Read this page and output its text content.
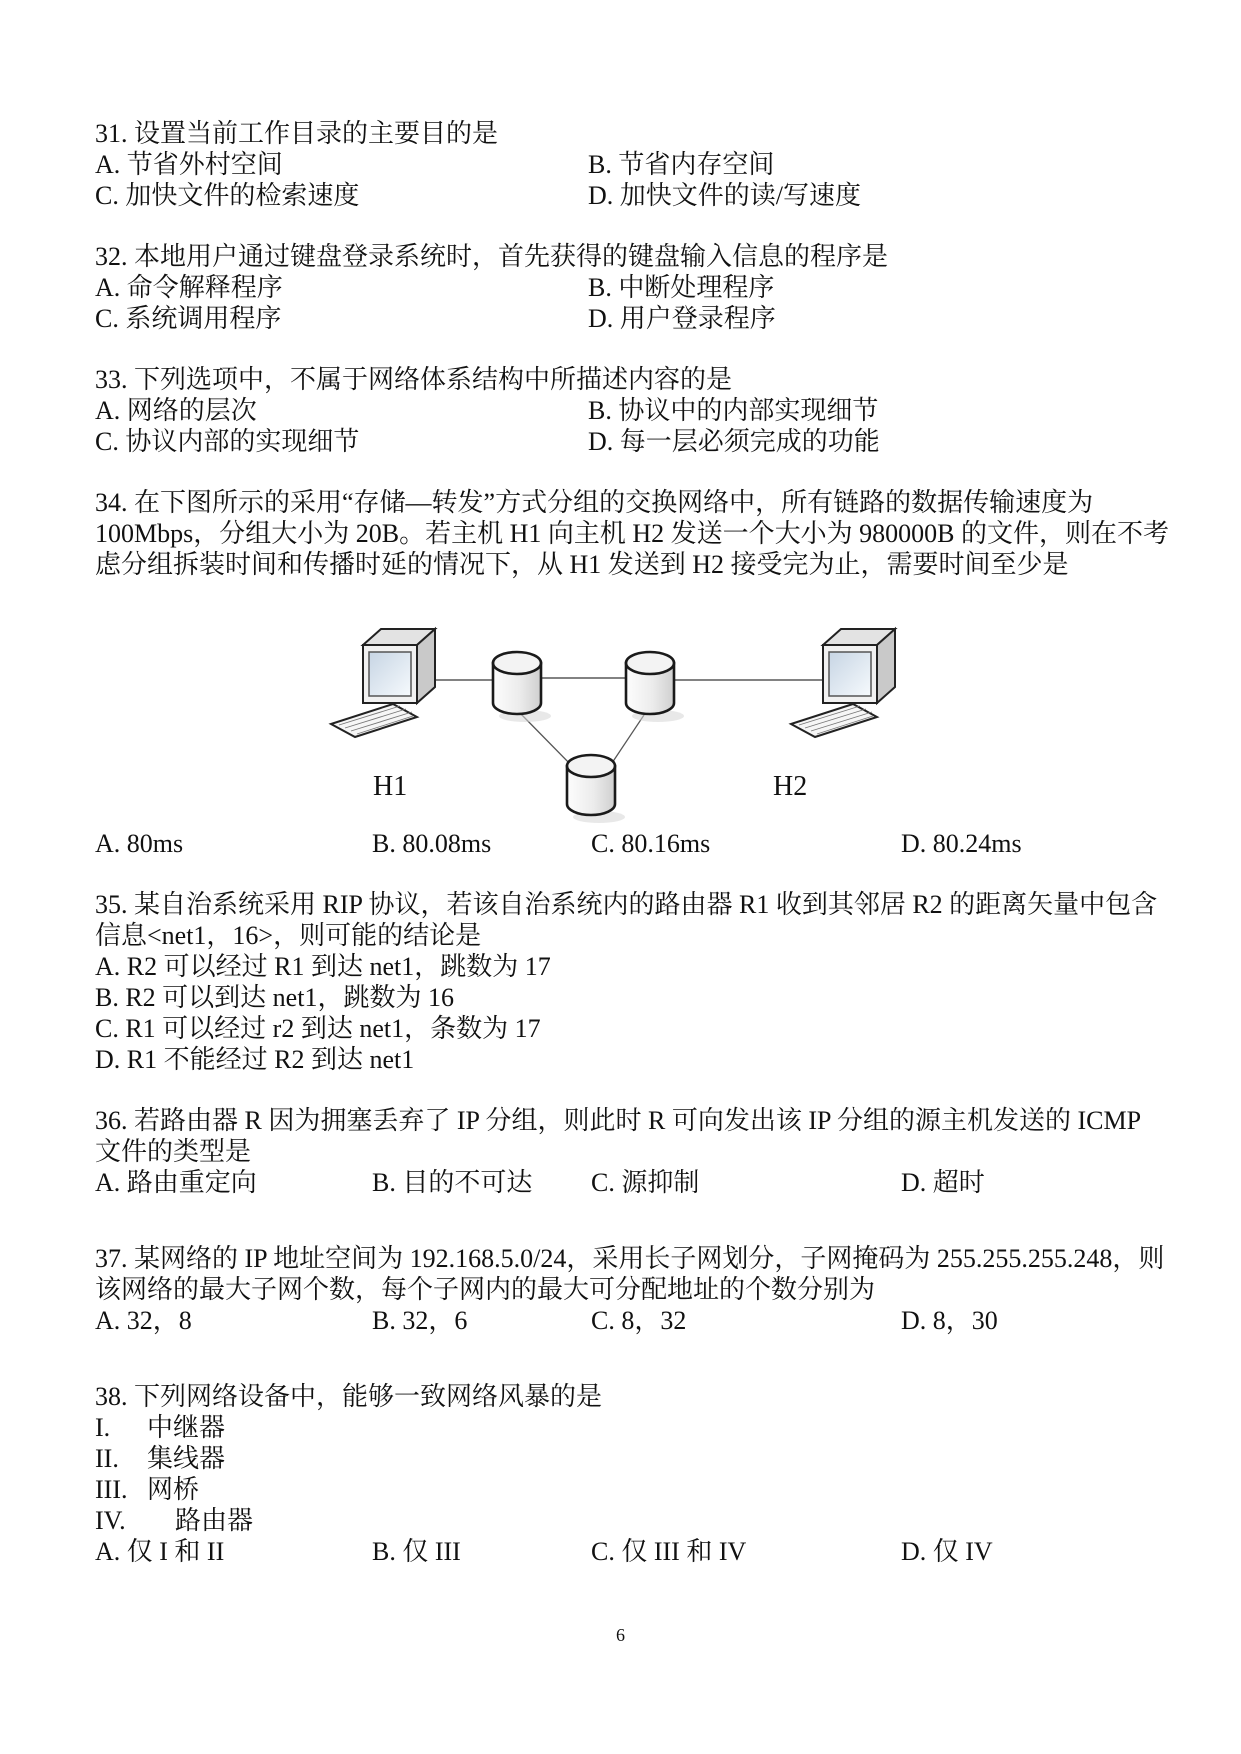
31. 设置当前工作目录的主要目的是
A. 节省外村空间	B. 节省内存空间
C. 加快文件的检索速度	D. 加快文件的读/写速度
32. 本地用户通过键盘登录系统时，首先获得的键盘输入信息的程序是
A. 命令解释程序	B. 中断处理程序
C. 系统调用程序	D. 用户登录程序
33. 下列选项中，不属于网络体系结构中所描述内容的是
A. 网络的层次	B. 协议中的内部实现细节
C. 协议内部的实现细节	D. 每一层必须完成的功能
34. 在下图所示的采用“存储—转发”方式分组的交换网络中，所有链路的数据传输速度为
100Mbps，分组大小为 20B。若主机 H1 向主机 H2 发送一个大小为 980000B 的文件，则在不考
虑分组拆装时间和传播时延的情况下，从 H1 发送到 H2 接受完为止，需要时间至少是
H1	H2
A. 80ms	B. 80.08ms	C. 80.16ms	D. 80.24ms
35. 某自治系统采用 RIP 协议，若该自治系统内的路由器 R1 收到其邻居 R2 的距离矢量中包含
信息<net1，16>，则可能的结论是
A. R2 可以经过 R1 到达 net1，跳数为 17
B. R2 可以到达 net1，跳数为 16
C. R1 可以经过 r2 到达 net1，条数为 17
D. R1 不能经过 R2 到达 net1
36. 若路由器 R 因为拥塞丢弃了 IP 分组，则此时 R 可向发出该 IP 分组的源主机发送的 ICMP
文件的类型是
A. 路由重定向	B. 目的不可达	C. 源抑制	D. 超时
37. 某网络的 IP 地址空间为 192.168.5.0/24，采用长子网划分，子网掩码为 255.255.255.248，则
该网络的最大子网个数，每个子网内的最大可分配地址的个数分别为
A. 32，8	B. 32，6	C. 8，32	D. 8，30
38. 下列网络设备中，能够一致网络风暴的是
I.	中继器
II.	集线器
III. 网桥
IV.	路由器
A. 仅 I 和 II	B. 仅 III	C. 仅 III 和 IV	D. 仅 IV
6
